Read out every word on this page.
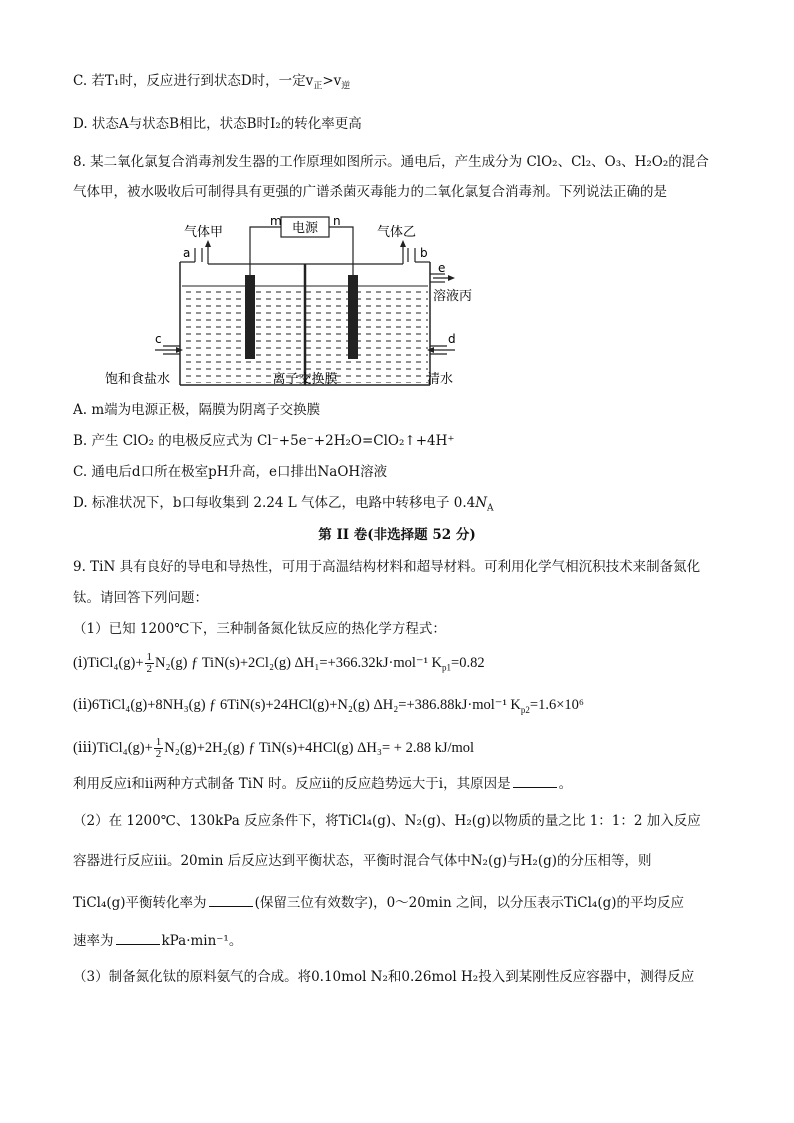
C. 若T₁时，反应进行到状态D时，一定$v_正>v_逆$
D. 状态A与状态B相比，状态B时I₂的转化率更高
8. 某二氧化氯复合消毒剂发生器的工作原理如图所示。通电后，产生成分为 ClO₂、Cl₂、O₃、H₂O₂的混合
气体甲，被水吸收后可制得具有更强的广谱杀菌灭毒能力的二氧化氯复合消毒剂。下列说法正确的是
电源
m	n
a
气体甲
b
气体乙
e
溶液丙
c
饱和食盐水
d
清水
离子交换膜
A. m端为电源正极，隔膜为阴离子交换膜
B. 产生 ClO₂ 的电极反应式为 Cl⁻+5e⁻+2H₂O=ClO₂↑+4H⁺
C. 通电后d口所在极室pH升高，e口排出NaOH溶液
D. 标准状况下，b口每收集到 2.24 L 气体乙，电路中转移电子 $0.4N_A$
第 II 卷(非选择题 52 分)
9. TiN 具有良好的导电和导热性，可用于高温结构材料和超导材料。可利用化学气相沉积技术来制备氮化
钛。请回答下列问题：
（1）已知 1200℃下，三种制备氮化钛反应的热化学方程式：
(ⅰ)TiCl₄(g)+ $\frac{1}{2} N_2(g)$ ƒ TiN(s)+2Cl₂(g) ΔH₁=+366.32kJ·mol⁻¹ $K_{p1}=0.82$
(ⅱ)6TiCl₄(g)+8NH₃(g) ƒ 6TiN(s)+24HCl(g)+N₂(g) ΔH₂=+386.88kJ·mol⁻¹ $K_{p2}=1.6\times 10^6$
(ⅲ)TiCl₄(g)+ $\frac{1}{2} N_2(g)+2H_2(g)$ ƒ TiN(s)+4HCl(g) ΔH₃= + 2.88 kJ/mol
利用反应ⅰ和ⅱ两种方式制备 TiN 时。反应ⅱ的反应趋势远大于ⅰ，其原因是	。
（2）在 1200℃、130kPa 反应条件下，将TiCl₄(g)、N₂(g)、H₂(g)以物质的量之比 1：1：2 加入反应
容器进行反应ⅲ。20min 后反应达到平衡状态，平衡时混合气体中N₂(g)与H₂(g)的分压相等，则
TiCl₄(g)平衡转化率为	(保留三位有效数字)，0～20min 之间，以分压表示TiCl₄(g)的平均反应
速率为	kPa·min⁻¹。
（3）制备氮化钛的原料氨气的合成。将0.10mol N₂和0.26mol H₂投入到某刚性反应容器中，测得反应
